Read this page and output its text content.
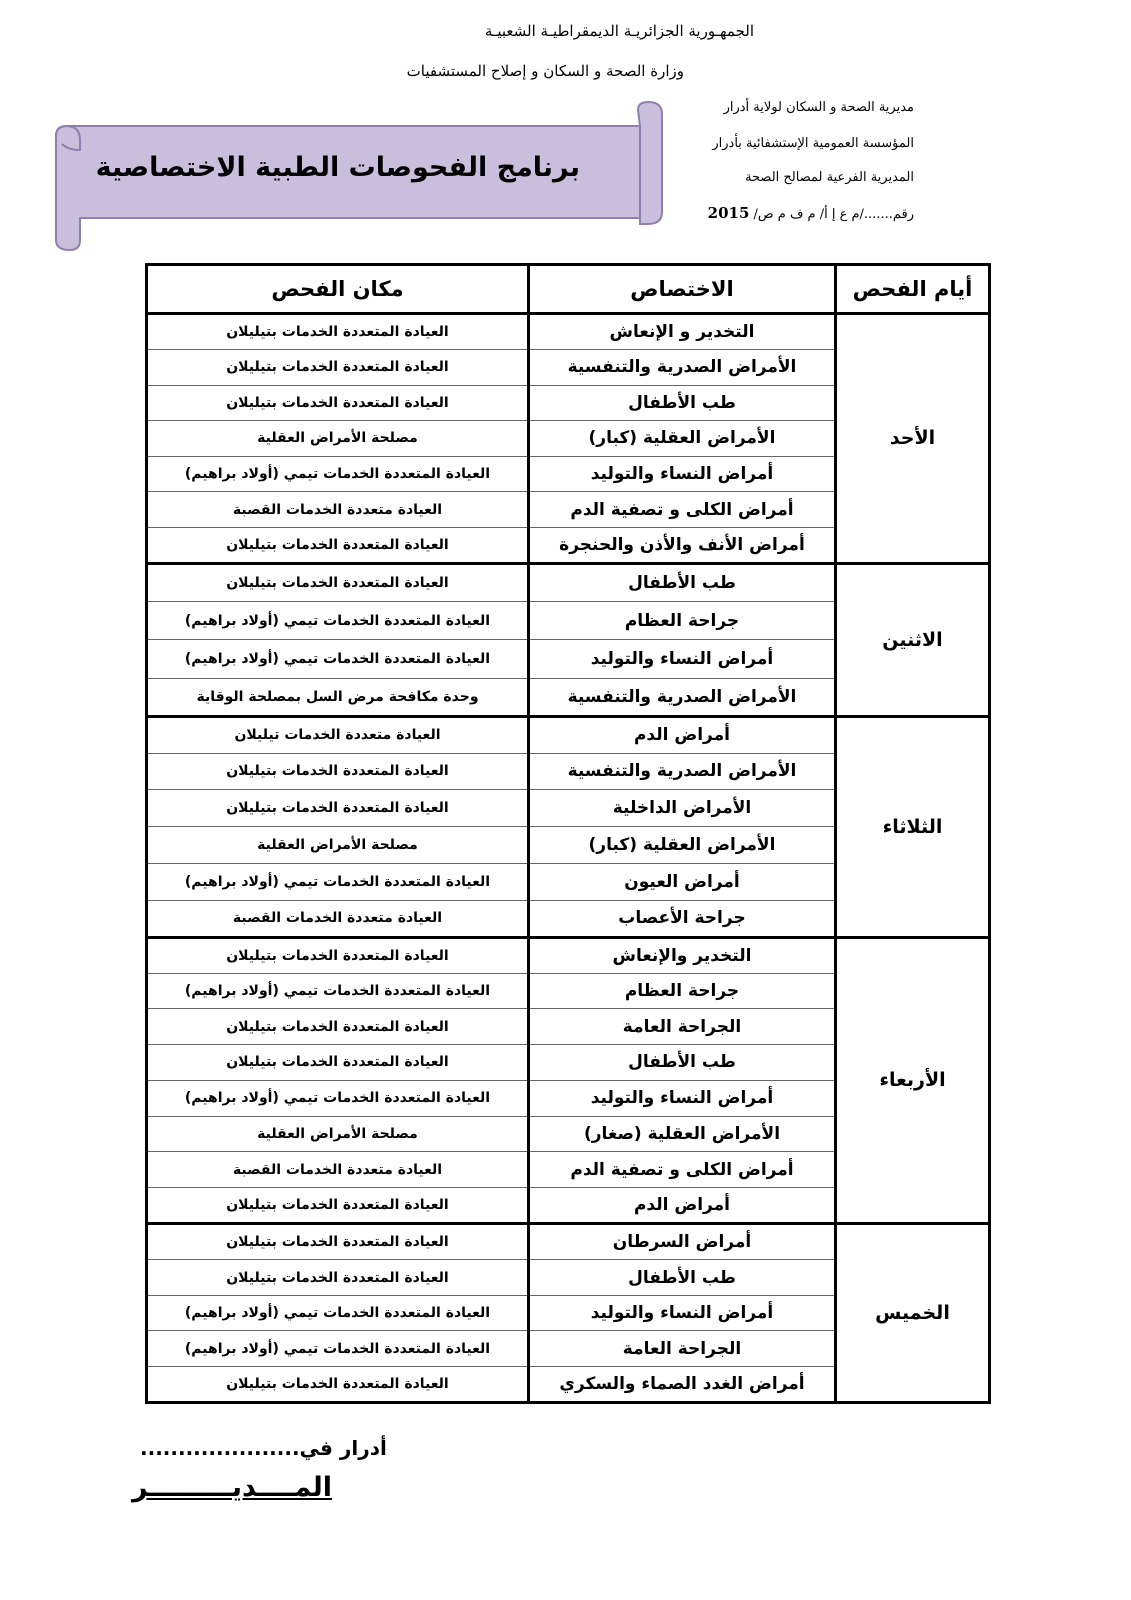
الجمهـورية الجزائريـة الديمقراطيـة الشعبيـة
وزارة الصحة و السكان و إصلاح المستشفيات
مديرية الصحة و السكان لولاية أدرار
المؤسسة العمومية الإستشفائية بأدرار
المديرية الفرعية لمصالح الصحة
رقم......./م ع إ أ/ م ف م ص/ 2015
برنامج الفحوصات الطبية الاختصاصية
أيام الفحص	الاختصاص	مكان الفحص
الأحد	التخدير و الإنعاش	العيادة المتعددة الخدمات بتيليلان
	الأمراض الصدرية والتنفسية	العيادة المتعددة الخدمات بتيليلان
	طب الأطفال	العيادة المتعددة الخدمات بتيليلان
	الأمراض العقلية (كبار)	مصلحة الأمراض العقلية
	أمراض النساء والتوليد	العيادة المتعددة الخدمات تيمي (أولاد براهيم)
	أمراض الكلى و تصفية الدم	العيادة متعددة الخدمات القصبة
	أمراض الأنف والأذن والحنجرة	العيادة المتعددة الخدمات بتيليلان
الاثنين	طب الأطفال	العيادة المتعددة الخدمات بتيليلان
	جراحة العظام	العيادة المتعددة الخدمات تيمي (أولاد براهيم)
	أمراض النساء والتوليد	العيادة المتعددة الخدمات تيمي (أولاد براهيم)
	الأمراض الصدرية والتنفسية	وحدة مكافحة مرض السل بمصلحة الوقاية
الثلاثاء	أمراض الدم	العيادة متعددة الخدمات تيليلان
	الأمراض الصدرية والتنفسية	العيادة المتعددة الخدمات بتيليلان
	الأمراض الداخلية	العيادة المتعددة الخدمات بتيليلان
	الأمراض العقلية (كبار)	مصلحة الأمراض العقلية
	أمراض العيون	العيادة المتعددة الخدمات تيمي (أولاد براهيم)
	جراحة الأعصاب	العيادة متعددة الخدمات القصبة
الأربعاء	التخدير والإنعاش	العيادة المتعددة الخدمات بتيليلان
	جراحة العظام	العيادة المتعددة الخدمات تيمي (أولاد براهيم)
	الجراحة العامة	العيادة المتعددة الخدمات بتيليلان
	طب الأطفال	العيادة المتعددة الخدمات بتيليلان
	أمراض النساء والتوليد	العيادة المتعددة الخدمات تيمي (أولاد براهيم)
	الأمراض العقلية (صغار)	مصلحة الأمراض العقلية
	أمراض الكلى و تصفية الدم	العيادة متعددة الخدمات القصبة
	أمراض الدم	العيادة المتعددة الخدمات بتيليلان
الخميس	أمراض السرطان	العيادة المتعددة الخدمات بتيليلان
	طب الأطفال	العيادة المتعددة الخدمات بتيليلان
	أمراض النساء والتوليد	العيادة المتعددة الخدمات تيمي (أولاد براهيم)
	الجراحة العامة	العيادة المتعددة الخدمات تيمي (أولاد براهيم)
	أمراض الغدد الصماء والسكري	العيادة المتعددة الخدمات بتيليلان
أدرار في.....................
المــــديـــــــــر
